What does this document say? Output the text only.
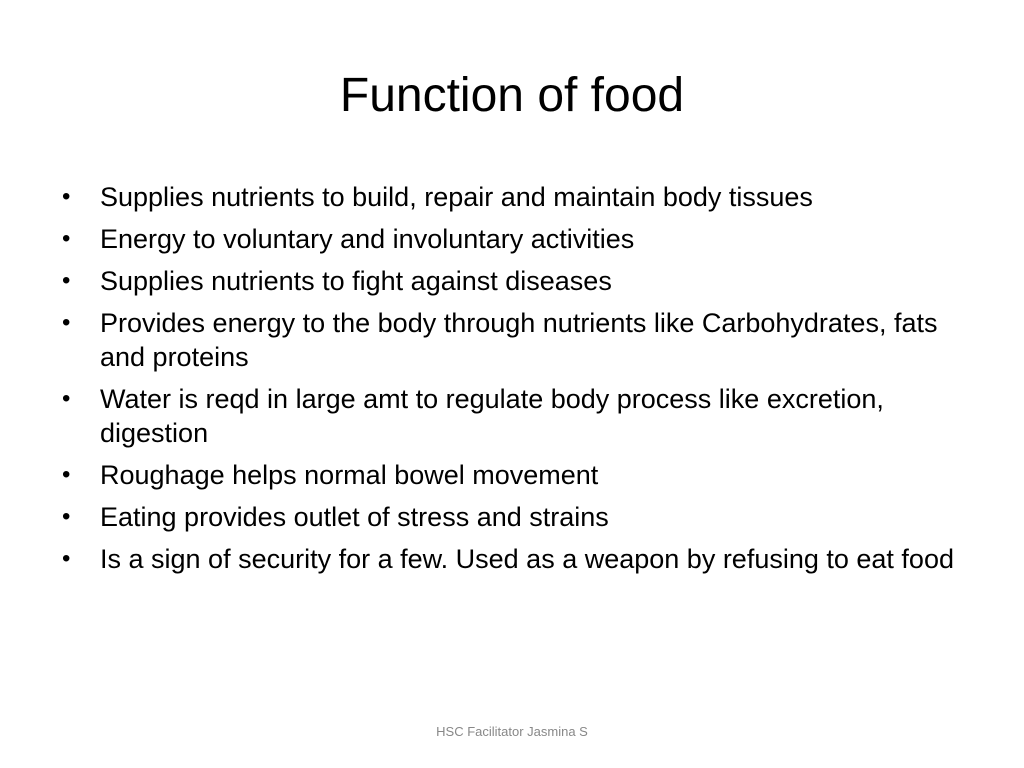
Function of food
•	Supplies nutrients to build, repair and maintain body tissues
•	Energy to voluntary and involuntary activities
•	Supplies nutrients to fight against diseases
•	Provides energy to the body through nutrients like Carbohydrates, fats and proteins
•	Water is reqd in large amt to regulate body process like excretion, digestion
•	Roughage helps normal bowel movement
•	Eating provides outlet of stress and strains
•	Is a sign of security for a few. Used as a weapon by refusing to eat food
HSC Facilitator Jasmina S
